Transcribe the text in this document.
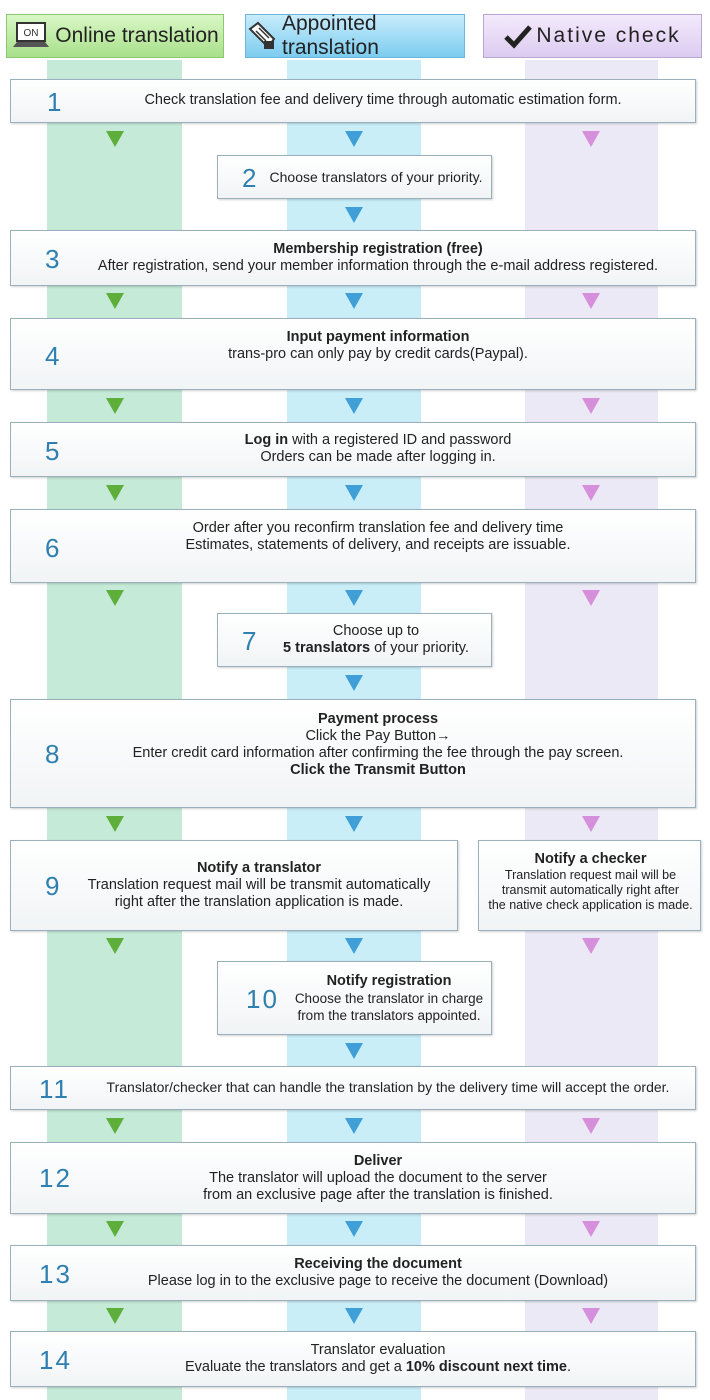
ON Online translation
Appointed translation
Native check
1	Check translation fee and delivery time through automatic estimation form.
2 Choose translators of your priority.
3	Membership registration (free)
After registration, send your member information through the e-mail address registered.
4
Input payment information
trans-pro can only pay by credit cards(Paypal).
5	Log in with a registered ID and password
Orders can be made after logging in.
6
Order after you reconfirm translation fee and delivery time
Estimates, statements of delivery, and receipts are issuable.
7	Choose up to
5 translators of your priority.
8
Payment process
Click the Pay Button→
Enter credit card information after confirming the fee through the pay screen.
Click the Transmit Button
9
Notify a translator
Translation request mail will be transmit automatically
right after the translation application is made.
Notify a checker
Translation request mail will be
transmit automatically right after
the native check application is made.
10
Notify registration
Choose the translator in charge
from the translators appointed.
11	Translator/checker that can handle the translation by the delivery time will accept the order.
12
Deliver
The translator will upload the document to the server
from an exclusive page after the translation is finished.
13	Receiving the document
Please log in to the exclusive page to receive the document (Download)
14	Translator evaluation
Evaluate the translators and get a 10% discount next time.
